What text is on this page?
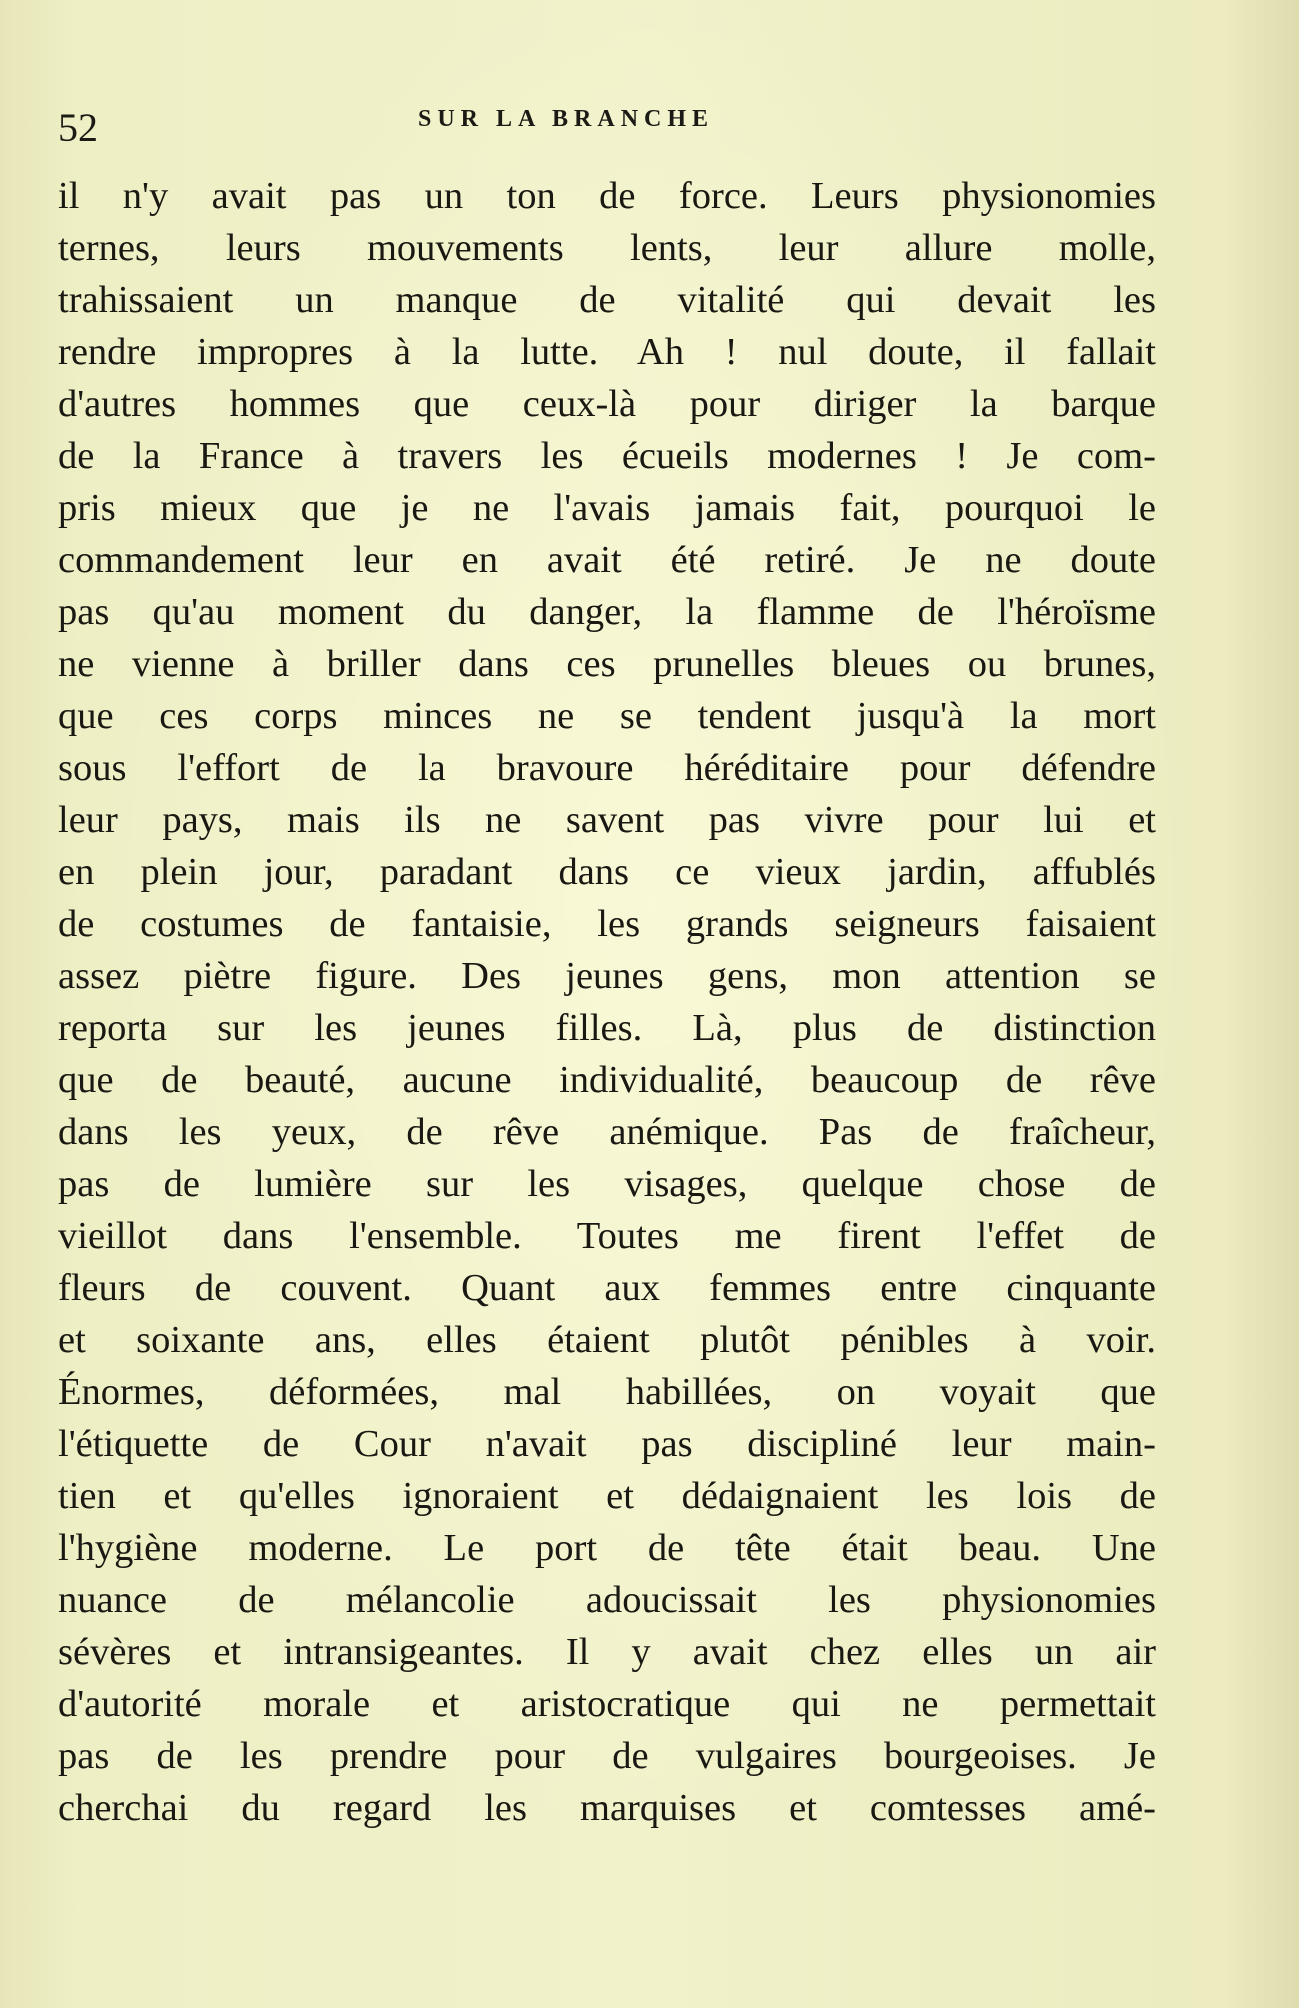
52	SUR LA BRANCHE
il n'y avait pas un ton de force. Leurs physionomies
ternes, leurs mouvements lents, leur allure molle,
trahissaient un manque de vitalité qui devait les
rendre impropres à la lutte. Ah ! nul doute, il fallait
d'autres hommes que ceux-là pour diriger la barque
de la France à travers les écueils modernes ! Je com-
pris mieux que je ne l'avais jamais fait, pourquoi le
commandement leur en avait été retiré. Je ne doute
pas qu'au moment du danger, la flamme de l'héroïsme
ne vienne à briller dans ces prunelles bleues ou brunes,
que ces corps minces ne se tendent jusqu'à la mort
sous l'effort de la bravoure héréditaire pour défendre
leur pays, mais ils ne savent pas vivre pour lui et
en plein jour, paradant dans ce vieux jardin, affublés
de costumes de fantaisie, les grands seigneurs faisaient
assez piètre figure. Des jeunes gens, mon attention se
reporta sur les jeunes filles. Là, plus de distinction
que de beauté, aucune individualité, beaucoup de rêve
dans les yeux, de rêve anémique. Pas de fraîcheur,
pas de lumière sur les visages, quelque chose de
vieillot dans l'ensemble. Toutes me firent l'effet de
fleurs de couvent. Quant aux femmes entre cinquante
et soixante ans, elles étaient plutôt pénibles à voir.
Énormes, déformées, mal habillées, on voyait que
l'étiquette de Cour n'avait pas discipliné leur main-
tien et qu'elles ignoraient et dédaignaient les lois de
l'hygiène moderne. Le port de tête était beau. Une
nuance de mélancolie adoucissait les physionomies
sévères et intransigeantes. Il y avait chez elles un air
d'autorité morale et aristocratique qui ne permettait
pas de les prendre pour de vulgaires bourgeoises. Je
cherchai du regard les marquises et comtesses amé-
